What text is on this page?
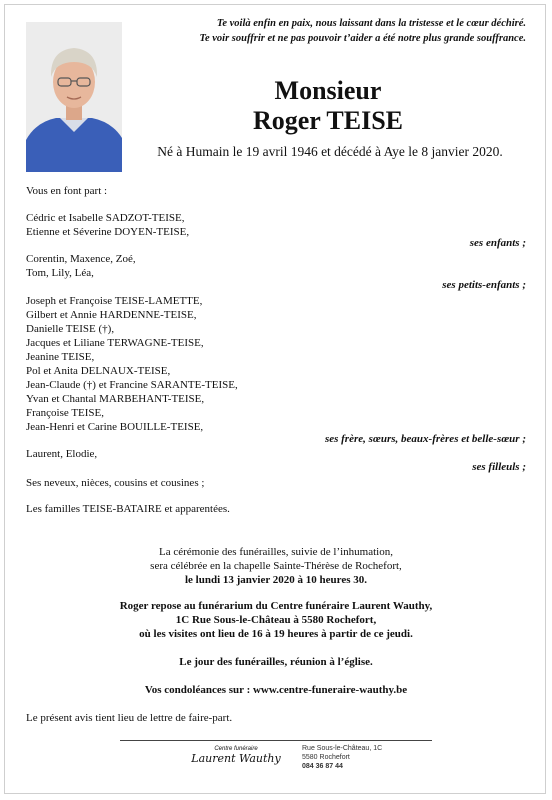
Te voilà enfin en paix, nous laissant dans la tristesse et le cœur déchiré.
Te voir souffrir et ne pas pouvoir t’aider a été notre plus grande souffrance.
Monsieur
Roger TEISE
Né à Humain le 19 avril 1946 et décédé à Aye le 8 janvier 2020.
Vous en font part :
Cédric et Isabelle SADZOT-TEISE,
Etienne et Séverine DOYEN-TEISE,
ses enfants ;
Corentin, Maxence, Zoé,
Tom, Lily, Léa,
ses petits-enfants ;
Joseph et Françoise TEISE-LAMETTE,
Gilbert et Annie HARDENNE-TEISE,
Danielle TEISE (†),
Jacques et Liliane TERWAGNE-TEISE,
Jeanine TEISE,
Pol et Anita DELNAUX-TEISE,
Jean-Claude (†) et Francine SARANTE-TEISE,
Yvan et Chantal MARBEHANT-TEISE,
Françoise TEISE,
Jean-Henri et Carine BOUILLE-TEISE,
ses frère, sœurs, beaux-frères et belle-sœur ;
Laurent, Elodie,
ses filleuls ;
Ses neveux, nièces, cousins et cousines ;
Les familles TEISE-BATAIRE et apparentées.
La cérémonie des funérailles, suivie de l’inhumation,
sera célébrée en la chapelle Sainte-Thérèse de Rochefort,
le lundi 13 janvier 2020 à 10 heures 30.
Roger repose au funérarium du Centre funéraire Laurent Wauthy,
1C Rue Sous-le-Château à 5580 Rochefort,
où les visites ont lieu de 16 à 19 heures à partir de ce jeudi.
Le jour des funérailles, réunion à l’église.
Vos condoléances sur : www.centre-funeraire-wauthy.be
Le présent avis tient lieu de lettre de faire-part.
Centre funéraire
Laurent Wauthy
Rue Sous-le-Château, 1C
5580 Rochefort
084 36 87 44
